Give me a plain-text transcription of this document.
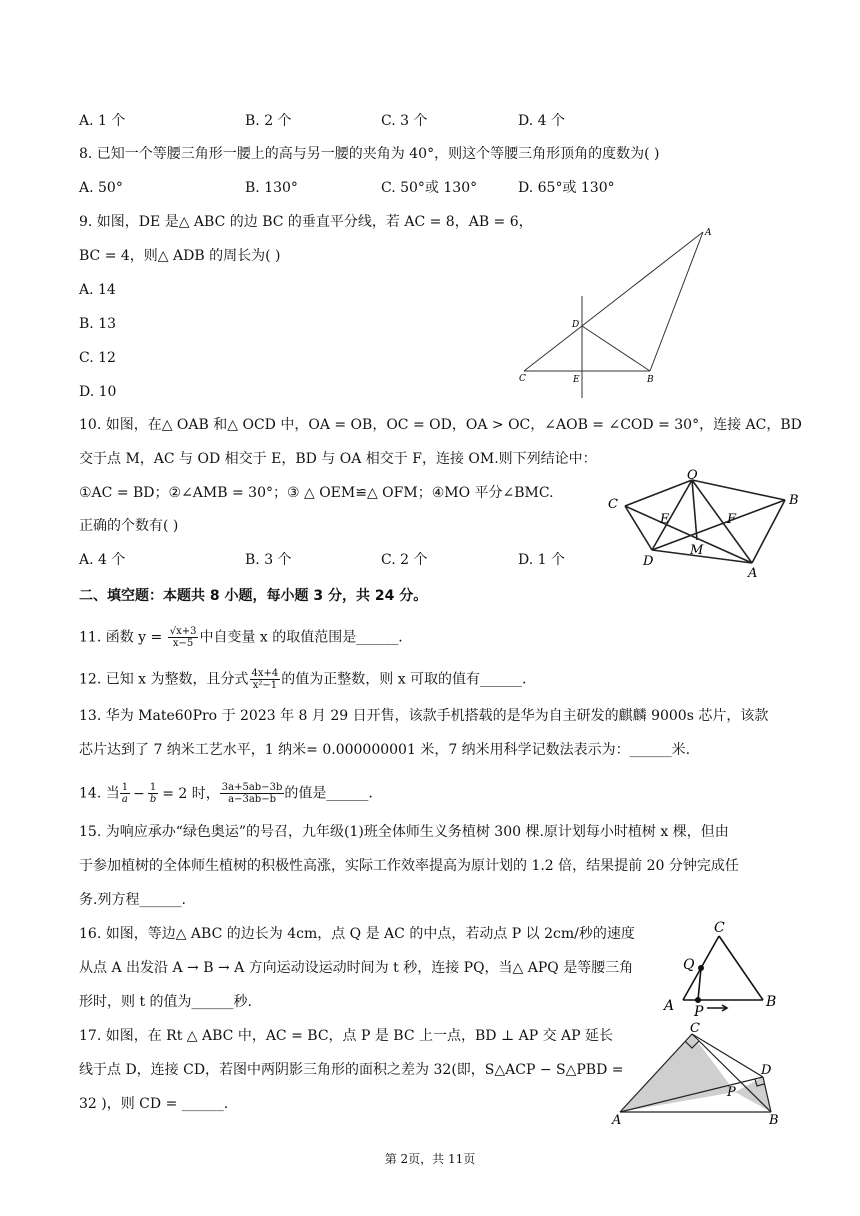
A. 1 个	B. 2 个	C. 3 个	D. 4 个
8. 已知一个等腰三角形一腰上的高与另一腰的夹角为 40°，则这个等腰三角形顶角的度数为( )
A. 50°	B. 130°	C. 50°或 130°	D. 65°或 130°
9. 如图，DE 是△ ABC 的边 BC 的垂直平分线，若 AC = 8，AB = 6，
BC = 4，则△ ADB 的周长为( )
A. 14
B. 13
C. 12
D. 10
A
B
C
D
E
10. 如图，在△ OAB 和△ OCD 中，OA = OB，OC = OD，OA > OC，∠AOB = ∠COD = 30°，连接 AC，BD
交于点 M，AC 与 OD 相交于 E，BD 与 OA 相交于 F，连接 OM.则下列结论中：
①AC = BD；②∠AMB = 30°；③ △ OEM≌△ OFM；④MO 平分∠BMC.
正确的个数有( )
A. 4 个	B. 3 个	C. 2 个	D. 1 个
O
C	B
E	F
D
M
A
二、填空题：本题共 8 小题，每小题 3 分，共 24 分。
11. 函数 $y = \frac{√x+3}{x-5}$ 中自变量 x 的取值范围是______.
12. 已知 x 为整数，且分式 $\frac{4x+4}{\text{x²−1}}$ 的值为正整数，则 x 可取的值有______.
13. 华为 Mate60Pro 于 2023 年 8 月 29 日开售，该款手机搭载的是华为自主研发的麒麟 9000s 芯片，该款
芯片达到了 7 纳米工艺水平，1 纳米= 0.000000001 米，7 纳米用科学记数法表示为：______米.
14. 当 $\frac{1}{a} - \frac{1}{b} = 2$ 时， $\frac{3a+5ab-3b}{a-3ab-b}$ 的值是______.
15. 为响应承办“绿色奥运”的号召，九年级(1)班全体师生义务植树 300 棵.原计划每小时植树 x 棵，但由
于参加植树的全体师生植树的积极性高涨，实际工作效率提高为原计划的 1.2 倍，结果提前 20 分钟完成任
务.列方程______.
16. 如图，等边△ ABC 的边长为 4cm，点 Q 是 AC 的中点，若动点 P 以 2cm/秒的速度
从点 A 出发沿 A → B → A 方向运动设运动时间为 t 秒，连接 PQ，当△ APQ 是等腰三角
形时，则 t 的值为______秒.
C
Q
A P
B
17. 如图，在 Rt △ ABC 中，AC = BC，点 P 是 BC 上一点，BD ⊥ AP 交 AP 延长
线于点 D，连接 CD，若图中两阴影三角形的面积之差为 32(即，S△ACP − S△PBD =
32 )，则 CD = ______.
C
D
P
A	B
第 2页，共 11页
